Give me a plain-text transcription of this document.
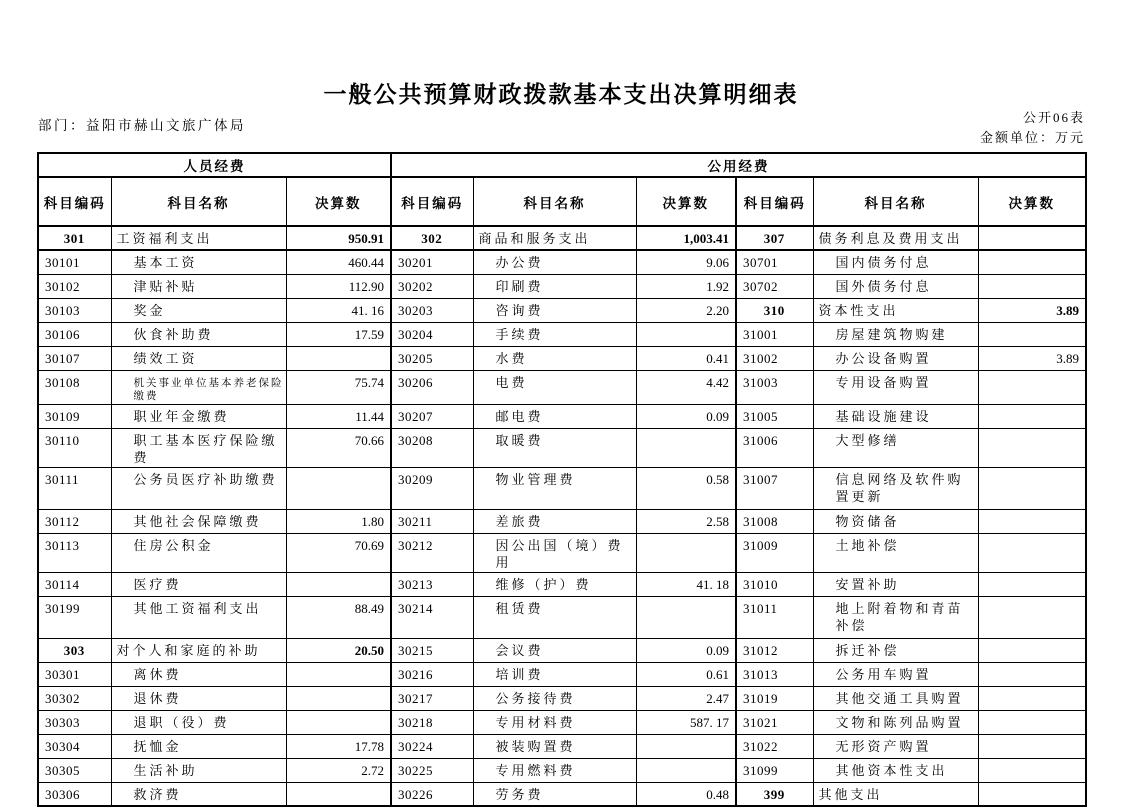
一般公共预算财政拨款基本支出决算明细表
部门：益阳市赫山文旅广体局
公开06表
金额单位：万元
人员经费			公用经费					
科目编码	科目名称	决算数	科目编码	科目名称	决算数	科目编码	科目名称	决算数
301	工资福利支出	950.91	302	商品和服务支出	1,003.41	307	债务利息及费用支出	
30101	基本工资	460.44	30201	办公费	9.06	30701	国内债务付息	
30102	津贴补贴	112.90	30202	印刷费	1.92	30702	国外债务付息	
30103	奖金	41. 16	30203	咨询费	2.20	310	资本性支出	3.89
30106	伙食补助费	17.59	30204	手续费		31001	房屋建筑物购建	
30107	绩效工资		30205	水费	0.41	31002	办公设备购置	3.89
30108	机关事业单位基本养老保险缴费	75.74	30206	电费	4.42	31003	专用设备购置	
30109	职业年金缴费	11.44	30207	邮电费	0.09	31005	基础设施建设	
30110	职工基本医疗保险缴费	70.66	30208	取暖费		31006	大型修缮	
30111	公务员医疗补助缴费		30209	物业管理费	0.58	31007	信息网络及软件购置更新	
30112	其他社会保障缴费	1.80	30211	差旅费	2.58	31008	物资储备	
30113	住房公积金	70.69	30212	因公出国（境）费用		31009	土地补偿	
30114	医疗费		30213	维修（护）费	41. 18	31010	安置补助	
30199	其他工资福利支出	88.49	30214	租赁费		31011	地上附着物和青苗补偿	
303	对个人和家庭的补助	20.50	30215	会议费	0.09	31012	拆迁补偿	
30301	离休费		30216	培训费	0.61	31013	公务用车购置	
30302	退休费		30217	公务接待费	2.47	31019	其他交通工具购置	
30303	退职（役）费		30218	专用材料费	587. 17	31021	文物和陈列品购置	
30304	抚恤金	17.78	30224	被装购置费		31022	无形资产购置	
30305	生活补助	2.72	30225	专用燃料费		31099	其他资本性支出	
30306	救济费		30226	劳务费	0.48	399	其他支出	
